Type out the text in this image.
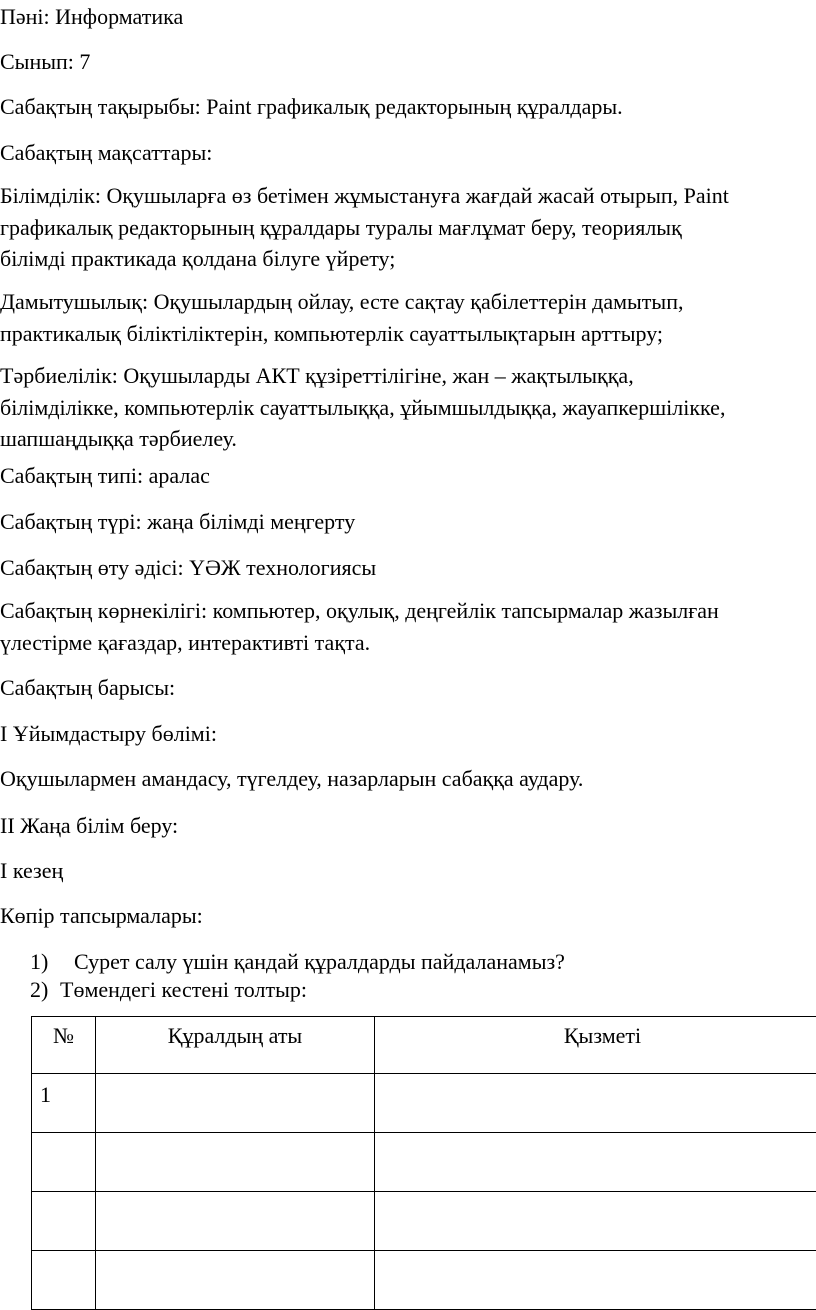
Пәні: Информатика

Сынып: 7

Сабақтың тақырыбы: Paint графикалық редакторының құралдары.

Сабақтың мақсаттары:

Білімділік: Оқушыларға өз бетімен жұмыстануға жағдай жасай отырып, Paint
графикалық редакторының құралдары туралы мағлұмат беру, теориялық
білімді практикада қолдана білуге үйрету;
Дамытушылық: Оқушылардың ойлау, есте сақтау қабілеттерін дамытып,
практикалық біліктіліктерін, компьютерлік сауаттылықтарын арттыру;
Тәрбиелілік: Оқушыларды АКТ құзіреттілігіне, жан – жақтылыққа,
білімділікке, компьютерлік сауаттылыққа, ұйымшылдыққа, жауапкершілікке,
шапшаңдыққа тәрбиелеу.

Сабақтың типі: аралас

Сабақтың түрі: жаңа білімді меңгерту

Сабақтың өту әдісі: ҮӘЖ технологиясы

Сабақтың көрнекілігі: компьютер, оқулық, деңгейлік тапсырмалар жазылған
үлестірме қағаздар, интерактивті тақта.

Сабақтың барысы:

І Ұйымдастыру бөлімі:

Оқушылармен амандасу, түгелдеу, назарларын сабаққа аудару.

ІІ Жаңа білім беру:

І кезең

Көпір тапсырмалары:

1) Сурет салу үшін қандай құралдарды пайдаланамыз?
2) Төмендегі кестені толтыр:
№	Құралдың аты	Қызметі
1		
